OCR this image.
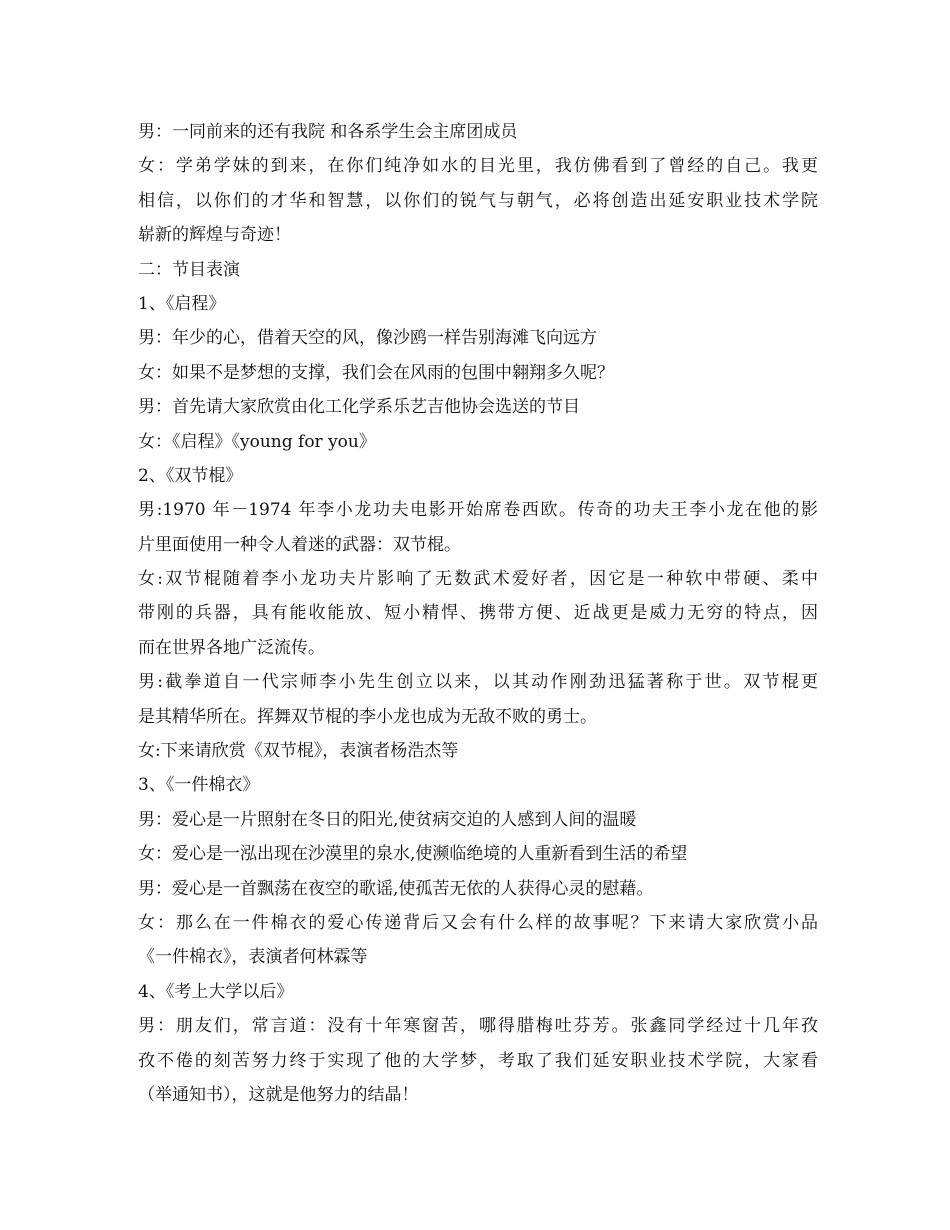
男：一同前来的还有我院 和各系学生会主席团成员
女：学弟学妹的到来，在你们纯净如水的目光里，我仿佛看到了曾经的自己。我更
相信，以你们的才华和智慧，以你们的锐气与朝气，必将创造出延安职业技术学院
崭新的辉煌与奇迹！
二：节目表演
1、《启程》
男：年少的心，借着天空的风，像沙鸥一样告别海滩飞向远方
女：如果不是梦想的支撑，我们会在风雨的包围中翱翔多久呢？
男：首先请大家欣赏由化工化学系乐艺吉他协会选送的节目
女：《启程》《young for you》
2、《双节棍》
男:1970 年－1974 年李小龙功夫电影开始席卷西欧。传奇的功夫王李小龙在他的影
片里面使用一种令人着迷的武器：双节棍。
女:双节棍随着李小龙功夫片影响了无数武术爱好者，因它是一种软中带硬、柔中
带刚的兵器，具有能收能放、短小精悍、携带方便、近战更是威力无穷的特点，因
而在世界各地广泛流传。
男:截拳道自一代宗师李小先生创立以来，以其动作刚劲迅猛著称于世。双节棍更
是其精华所在。挥舞双节棍的李小龙也成为无敌不败的勇士。
女:下来请欣赏《双节棍》，表演者杨浩杰等
3、《一件棉衣》
男：爱心是一片照射在冬日的阳光,使贫病交迫的人感到人间的温暖
女：爱心是一泓出现在沙漠里的泉水,使濒临绝境的人重新看到生活的希望
男：爱心是一首飘荡在夜空的歌谣,使孤苦无依的人获得心灵的慰藉。
女：那么在一件棉衣的爱心传递背后又会有什么样的故事呢？下来请大家欣赏小品
《一件棉衣》，表演者何林霖等
4、《考上大学以后》
男：朋友们，常言道：没有十年寒窗苦，哪得腊梅吐芬芳。张鑫同学经过十几年孜
孜不倦的刻苦努力终于实现了他的大学梦，考取了我们延安职业技术学院，大家看
（举通知书），这就是他努力的结晶！
